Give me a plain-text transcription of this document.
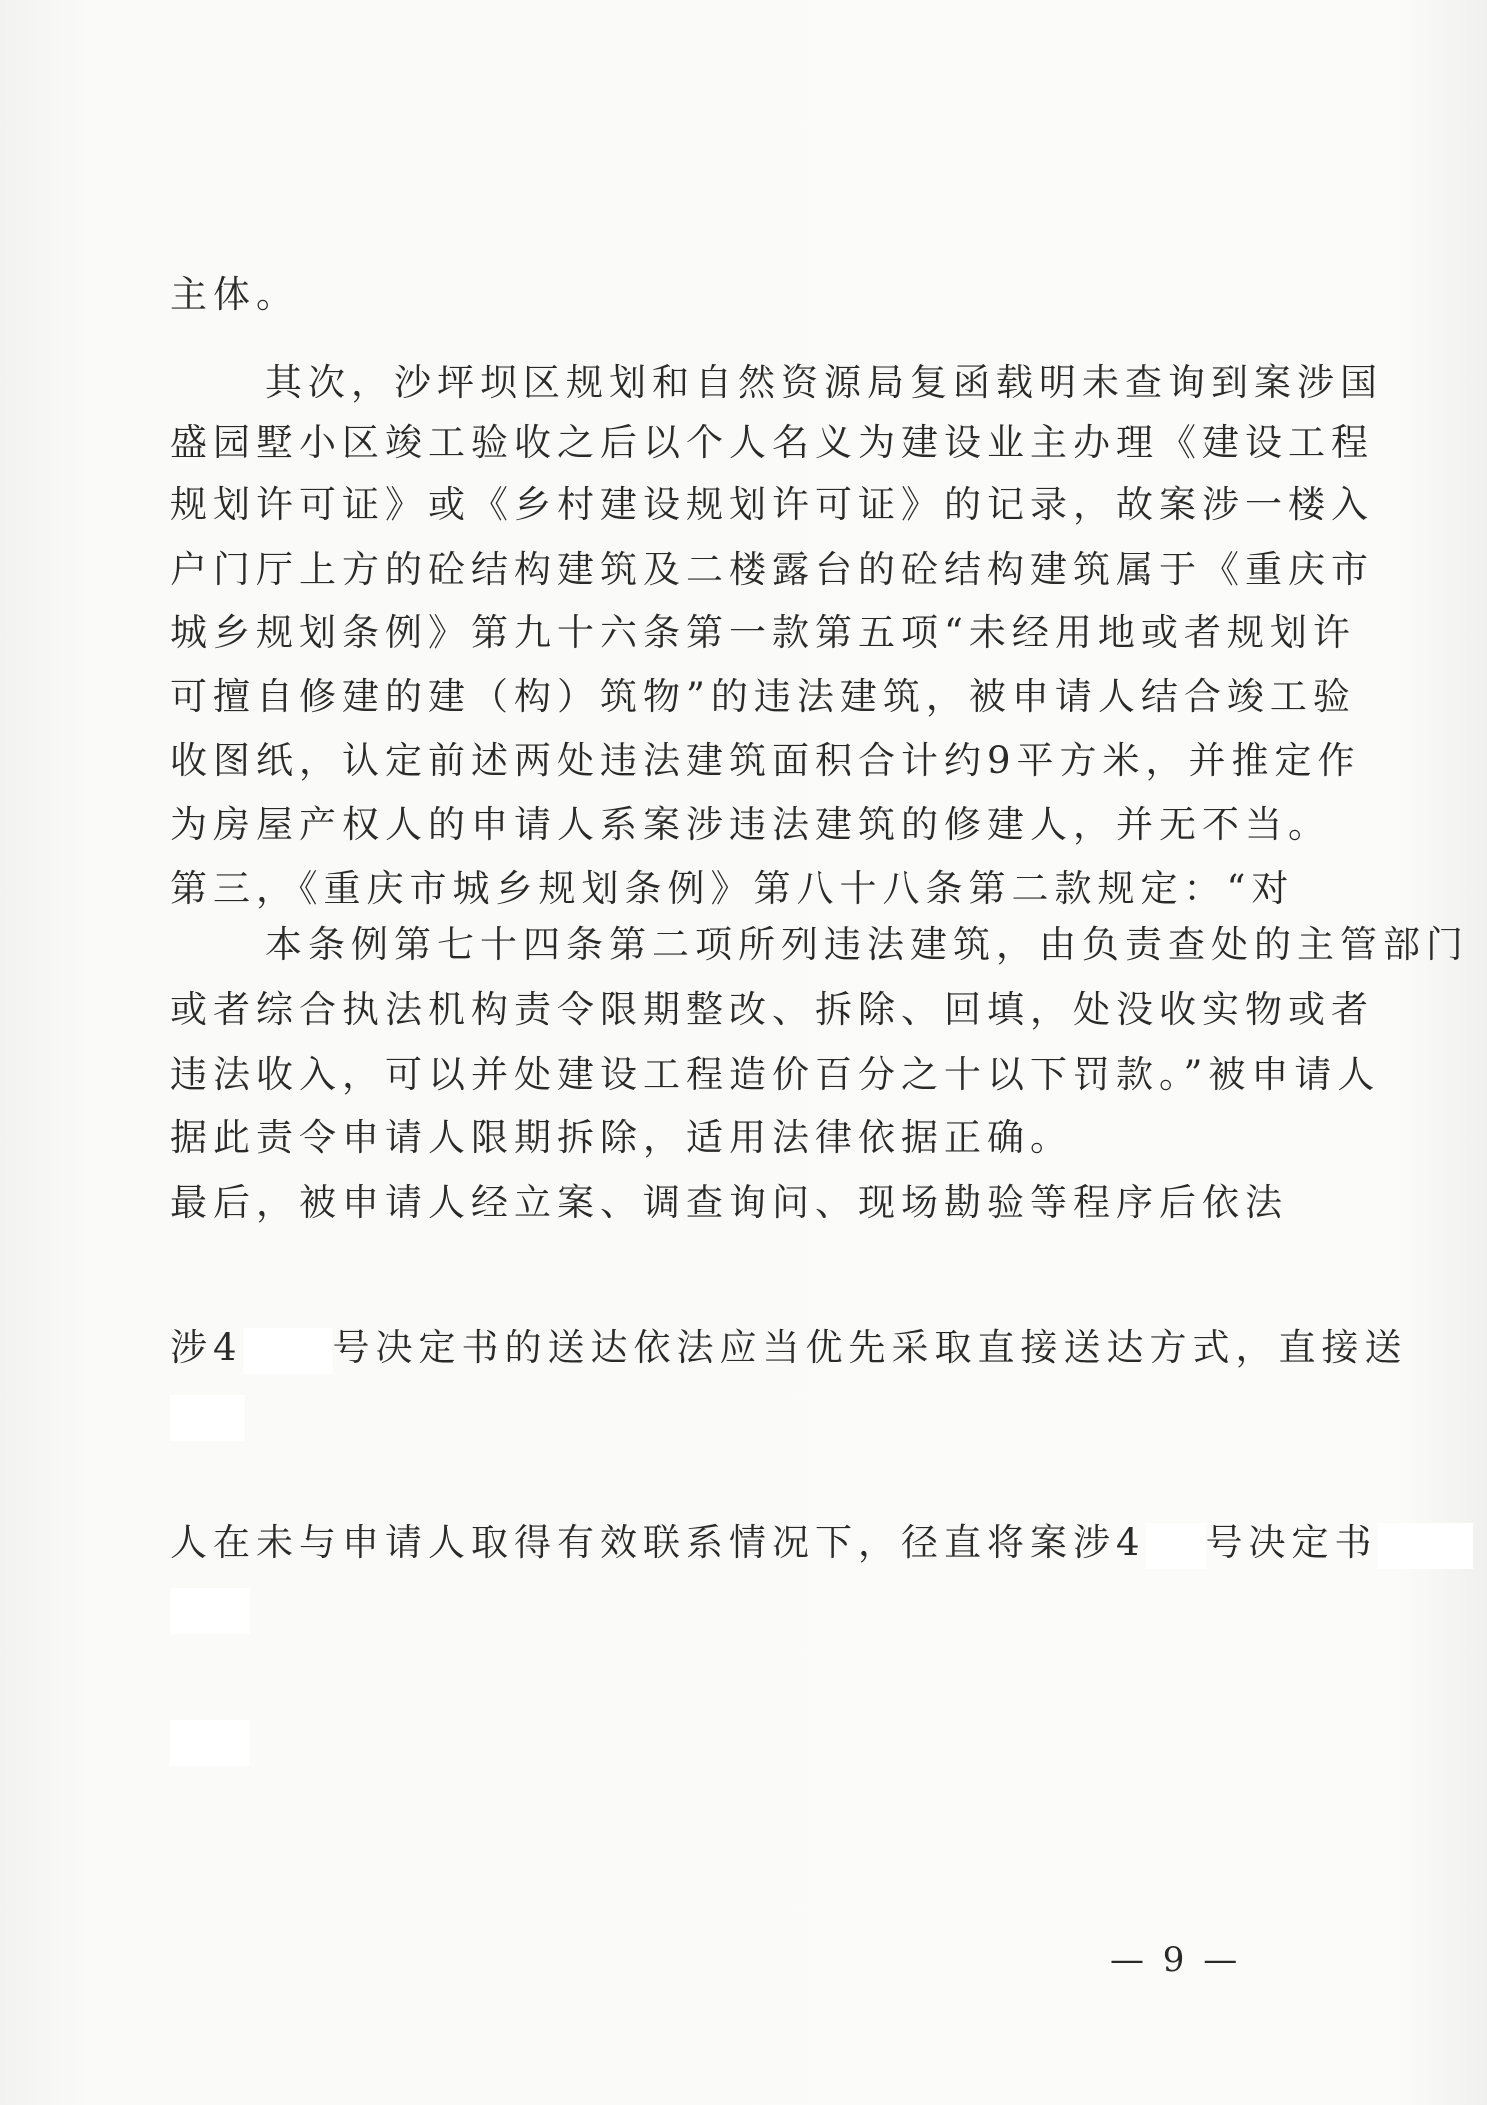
主体。
其次，沙坪坝区规划和自然资源局复函载明未查询到案涉国
盛园墅小区竣工验收之后以个人名义为建设业主办理《建设工程
规划许可证》或《乡村建设规划许可证》的记录，故案涉一楼入
户门厅上方的砼结构建筑及二楼露台的砼结构建筑属于《重庆市
城乡规划条例》第九十六条第一款第五项“未经用地或者规划许
可擅自修建的建（构）筑物”的违法建筑，被申请人结合竣工验
收图纸，认定前述两处违法建筑面积合计约9平方米，并推定作
为房屋产权人的申请人系案涉违法建筑的修建人，并无不当。
第三，《重庆市城乡规划条例》第八十八条第二款规定：“对
本条例第七十四条第二项所列违法建筑，由负责查处的主管部门
或者综合执法机构责令限期整改、拆除、回填，处没收实物或者
违法收入，可以并处建设工程造价百分之十以下罚款。”被申请人
据此责令申请人限期拆除，适用法律依据正确。
最后，被申请人经立案、调查询问、现场勘验等程序后依法
涉4 号决定书的送达依法应当优先采取直接送达方式，直接送
人在未与申请人取得有效联系情况下，径直将案涉4 号决定书
— 9 —
